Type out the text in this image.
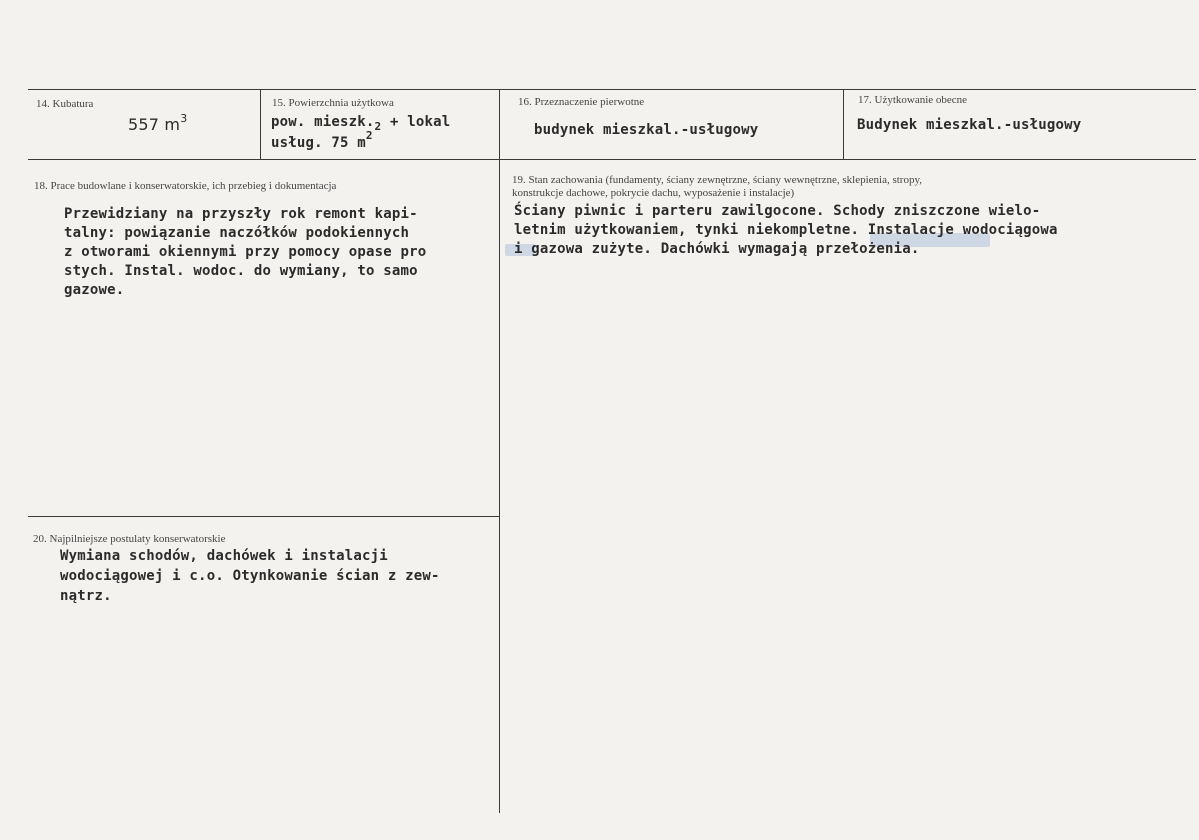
14. Kubatura
557 $m^3$
15. Powierzchnia użytkowa
pow. $mieszk._2$ + lokal
usług. 75 $m^2$
16. Przeznaczenie pierwotne
budynek mieszkal.-usługowy
17. Użytkowanie obecne
Budynek mieszkal.-usługowy
18. Prace budowlane i konserwatorskie, ich przebieg i dokumentacja
Przewidziany na przyszły rok remont kapi-
talny: powiązanie naczółków podokiennych
z otworami okiennymi przy pomocy opase pro
stych. Instal. wodoc. do wymiany, to samo
gazowe.
19. Stan zachowania (fundamenty, ściany zewnętrzne, ściany wewnętrzne, sklepienia, stropy,
konstrukcje dachowe, pokrycie dachu, wyposażenie i instalacje)
Ściany piwnic i parteru zawilgocone. Schody zniszczone wielo-
letnim użytkowaniem, tynki niekompletne. Instalacje wodociągowa
i gazowa zużyte. Dachówki wymagają przełożenia.
20. Najpilniejsze postulaty konserwatorskie
Wymiana schodów, dachówek i instalacji
wodociągowej i c.o. Otynkowanie ścian z zew-
nątrz.
